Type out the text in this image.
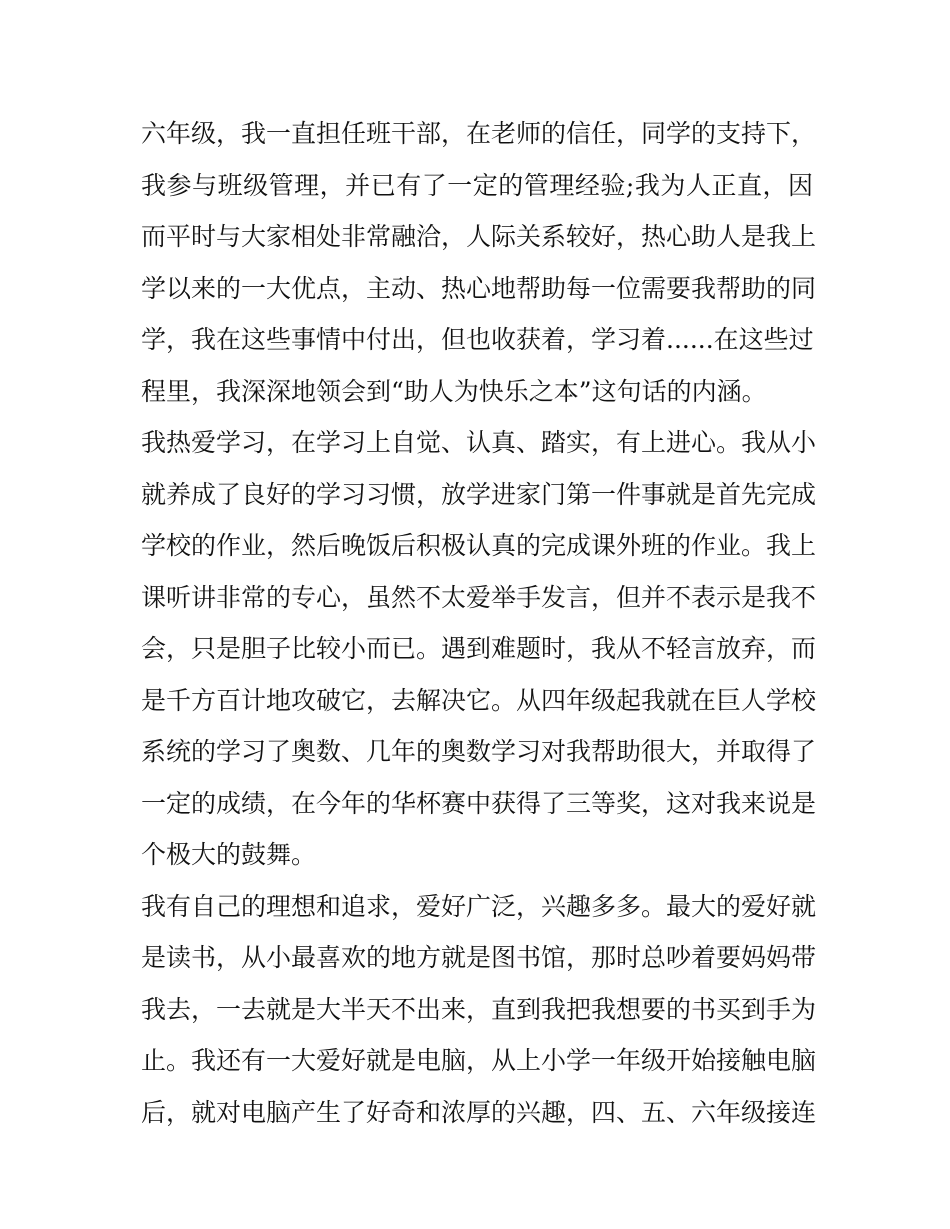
六年级，我一直担任班干部，在老师的信任，同学的支持下，
我参与班级管理，并已有了一定的管理经验;我为人正直，因
而平时与大家相处非常融洽，人际关系较好，热心助人是我上
学以来的一大优点，主动、热心地帮助每一位需要我帮助的同
学，我在这些事情中付出，但也收获着，学习着......在这些过
程里，我深深地领会到“助人为快乐之本”这句话的内涵。
我热爱学习，在学习上自觉、认真、踏实，有上进心。我从小
就养成了良好的学习习惯，放学进家门第一件事就是首先完成
学校的作业，然后晚饭后积极认真的完成课外班的作业。我上
课听讲非常的专心，虽然不太爱举手发言，但并不表示是我不
会，只是胆子比较小而已。遇到难题时，我从不轻言放弃，而
是千方百计地攻破它，去解决它。从四年级起我就在巨人学校
系统的学习了奥数、几年的奥数学习对我帮助很大，并取得了
一定的成绩，在今年的华杯赛中获得了三等奖，这对我来说是
个极大的鼓舞。
我有自己的理想和追求，爱好广泛，兴趣多多。最大的爱好就
是读书，从小最喜欢的地方就是图书馆，那时总吵着要妈妈带
我去，一去就是大半天不出来，直到我把我想要的书买到手为
止。我还有一大爱好就是电脑，从上小学一年级开始接触电脑
后，就对电脑产生了好奇和浓厚的兴趣，四、五、六年级接连
